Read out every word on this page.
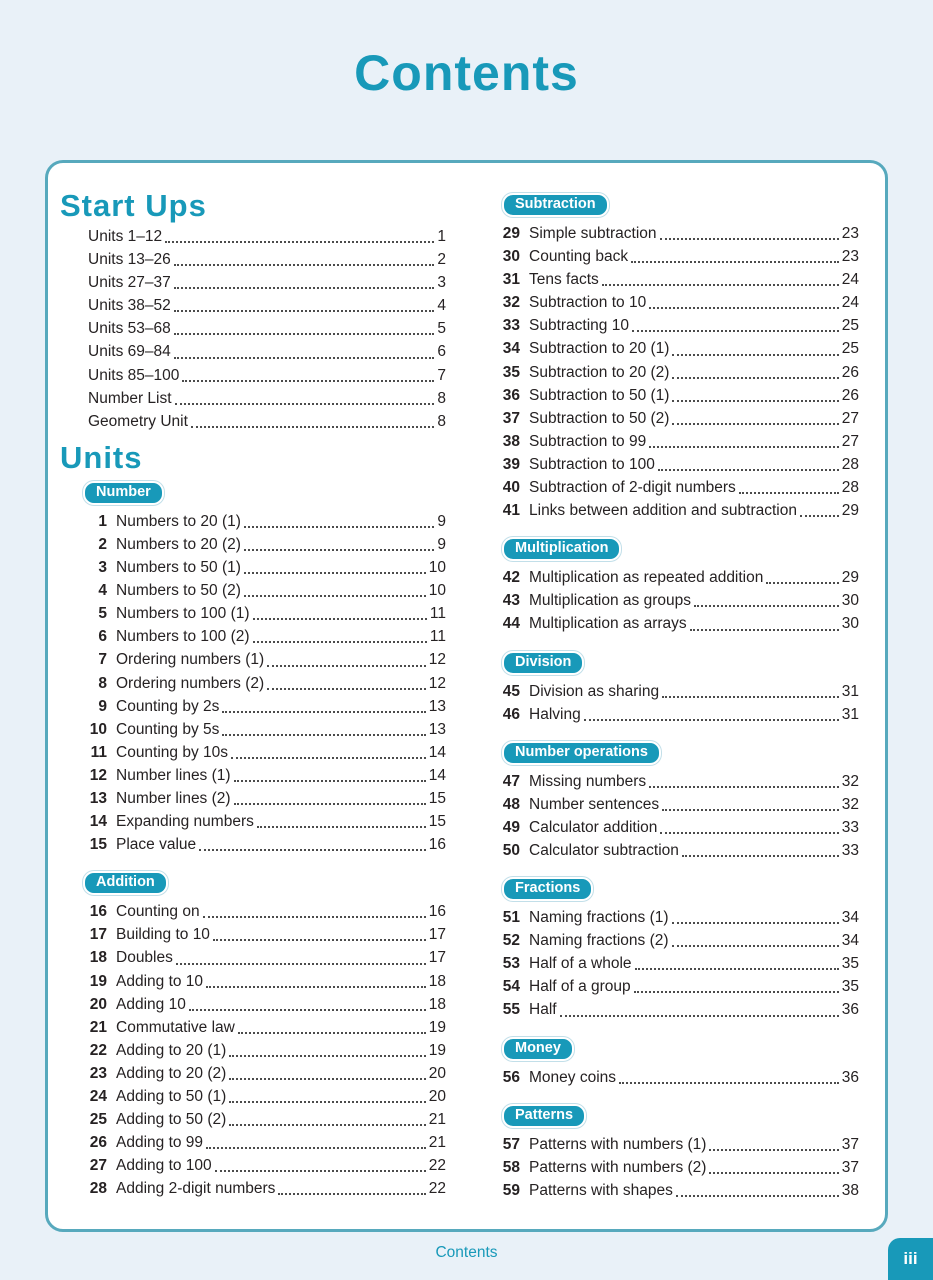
Contents
Start Ups
Units 1–12	1
Units 13–26	2
Units 27–37	3
Units 38–52	4
Units 53–68	5
Units 69–84	6
Units 85–100	7
Number List	8
Geometry Unit	8
Units
Number
1 Numbers to 20 (1)	9
2 Numbers to 20 (2)	9
3 Numbers to 50 (1)	10
4 Numbers to 50 (2)	10
5 Numbers to 100 (1)	11
6 Numbers to 100 (2)	11
7 Ordering numbers (1)	12
8 Ordering numbers (2)	12
9 Counting by 2s	13
10 Counting by 5s	13
11 Counting by 10s	14
12 Number lines (1)	14
13 Number lines (2)	15
14 Expanding numbers	15
15 Place value	16
Addition
16 Counting on	16
17 Building to 10	17
18 Doubles	17
19 Adding to 10	18
20 Adding 10	18
21 Commutative law	19
22 Adding to 20 (1)	19
23 Adding to 20 (2)	20
24 Adding to 50 (1)	20
25 Adding to 50 (2)	21
26 Adding to 99	21
27 Adding to 100	22
28 Adding 2-digit numbers	22
Subtraction
29 Simple subtraction	23
30 Counting back	23
31 Tens facts	24
32 Subtraction to 10	24
33 Subtracting 10	25
34 Subtraction to 20 (1)	25
35 Subtraction to 20 (2)	26
36 Subtraction to 50 (1)	26
37 Subtraction to 50 (2)	27
38 Subtraction to 99	27
39 Subtraction to 100	28
40 Subtraction of 2-digit numbers	28
41 Links between addition and subtraction	29
Multiplication
42 Multiplication as repeated addition	29
43 Multiplication as groups	30
44 Multiplication as arrays	30
Division
45 Division as sharing	31
46 Halving	31
Number operations
47 Missing numbers	32
48 Number sentences	32
49 Calculator addition	33
50 Calculator subtraction	33
Fractions
51 Naming fractions (1)	34
52 Naming fractions (2)	34
53 Half of a whole	35
54 Half of a group	35
55 Half	36
Money
56 Money coins	36
Patterns
57 Patterns with numbers (1)	37
58 Patterns with numbers (2)	37
59 Patterns with shapes	38
Contents	iii
